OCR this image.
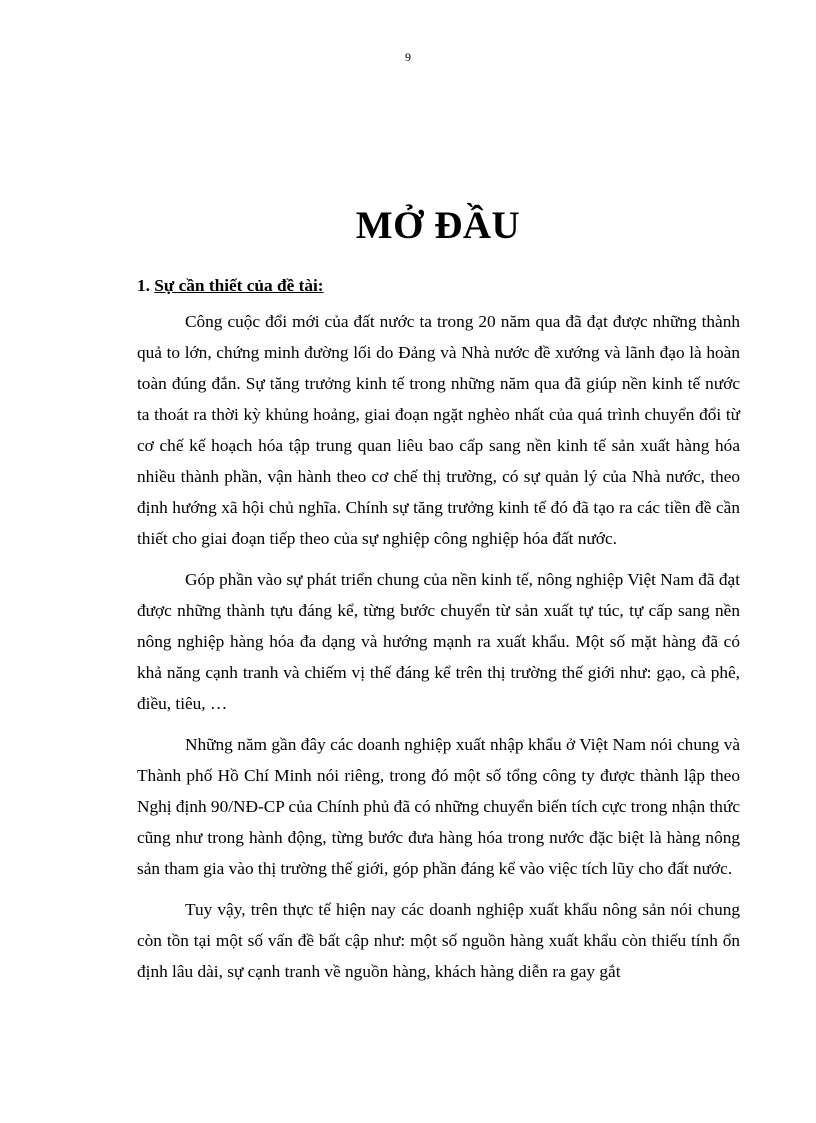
9
MỞ ĐẦU
1. Sự cần thiết của đề tài:

Công cuộc đổi mới của đất nước ta trong 20 năm qua đã đạt được những thành quả to lớn, chứng minh đường lối do Đảng và Nhà nước đề xướng và lãnh đạo là hoàn toàn đúng đắn. Sự tăng trưởng kinh tế trong những năm qua đã giúp nền kinh tế nước ta thoát ra thời kỳ khủng hoảng, giai đoạn ngặt nghèo nhất của quá trình chuyển đổi từ cơ chế kế hoạch hóa tập trung quan liêu bao cấp sang nền kinh tế sản xuất hàng hóa nhiều thành phần, vận hành theo cơ chế thị trường, có sự quản lý của Nhà nước, theo định hướng xã hội chủ nghĩa. Chính sự tăng trưởng kinh tế đó đã tạo ra các tiền đề cần thiết cho giai đoạn tiếp theo của sự nghiệp công nghiệp hóa đất nước.

Góp phần vào sự phát triển chung của nền kinh tế, nông nghiệp Việt Nam đã đạt được những thành tựu đáng kể, từng bước chuyển từ sản xuất tự túc, tự cấp sang nền nông nghiệp hàng hóa đa dạng và hướng mạnh ra xuất khẩu. Một số mặt hàng đã có khả năng cạnh tranh và chiếm vị thế đáng kể trên thị trường thế giới như: gạo, cà phê, điều, tiêu, …

Những năm gần đây các doanh nghiệp xuất nhập khẩu ở Việt Nam nói chung và Thành phố Hồ Chí Minh nói riêng, trong đó một số tổng công ty được thành lập theo Nghị định 90/NĐ-CP của Chính phủ đã có những chuyển biến tích cực trong nhận thức cũng như trong hành động, từng bước đưa hàng hóa trong nước đặc biệt là hàng nông sản tham gia vào thị trường thế giới, góp phần đáng kể vào việc tích lũy cho đất nước.

Tuy vậy, trên thực tế hiện nay các doanh nghiệp xuất khẩu nông sản nói chung còn tồn tại một số vấn đề bất cập như: một số nguồn hàng xuất khẩu còn thiếu tính ổn định lâu dài, sự cạnh tranh về nguồn hàng, khách hàng diễn ra gay gắt
